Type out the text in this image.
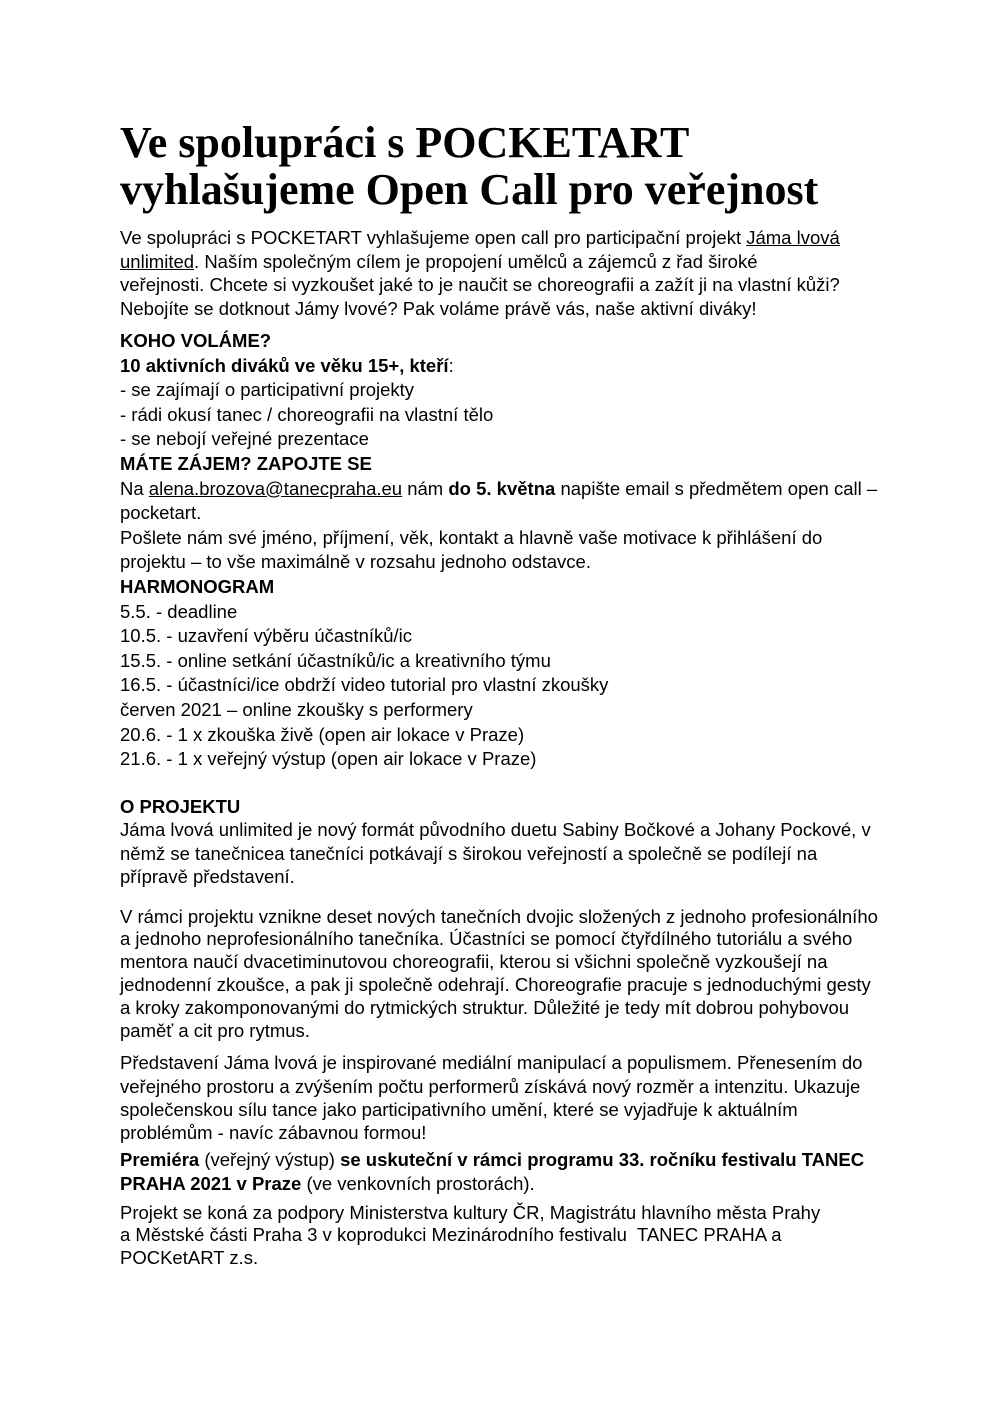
Ve spolupráci s POCKETART
vyhlašujeme Open Call pro veřejnost
Ve spolupráci s POCKETART vyhlašujeme open call pro participační projekt Jáma lvová
unlimited. Naším společným cílem je propojení umělců a zájemců z řad široké
veřejnosti. Chcete si vyzkoušet jaké to je naučit se choreografii a zažít ji na vlastní kůži?
Nebojíte se dotknout Jámy lvové? Pak voláme právě vás, naše aktivní diváky!
KOHO VOLÁME?
10 aktivních diváků ve věku 15+, kteří:
- se zajímají o participativní projekty
- rádi okusí tanec / choreografii na vlastní tělo
- se nebojí veřejné prezentace
MÁTE ZÁJEM? ZAPOJTE SE
Na alena.brozova@tanecpraha.eu nám do 5. května napište email s předmětem open call –
pocketart.
Pošlete nám své jméno, příjmení, věk, kontakt a hlavně vaše motivace k přihlášení do
projektu – to vše maximálně v rozsahu jednoho odstavce.
HARMONOGRAM
5.5. - deadline
10.5. - uzavření výběru účastníků/ic
15.5. - online setkání účastníků/ic a kreativního týmu
16.5. - účastníci/ice obdrží video tutorial pro vlastní zkoušky
červen 2021 – online zkoušky s performery
20.6. - 1 x zkouška živě (open air lokace v Praze)
21.6. - 1 x veřejný výstup (open air lokace v Praze)
O PROJEKTU
Jáma lvová unlimited je nový formát původního duetu Sabiny Bočkové a Johany Pockové, v
němž se tanečnicea tanečníci potkávají s širokou veřejností a společně se podílejí na
přípravě představení.
V rámci projektu vznikne deset nových tanečních dvojic složených z jednoho profesionálního
a jednoho neprofesionálního tanečníka. Účastníci se pomocí čtyřdílného tutoriálu a svého
mentora naučí dvacetiminutovou choreografii, kterou si všichni společně vyzkoušejí na
jednodenní zkoušce, a pak ji společně odehrají. Choreografie pracuje s jednoduchými gesty
a kroky zakomponovanými do rytmických struktur. Důležité je tedy mít dobrou pohybovou
paměť a cit pro rytmus.
Představení Jáma lvová je inspirované mediální manipulací a populismem. Přenesením do
veřejného prostoru a zvýšením počtu performerů získává nový rozměr a intenzitu. Ukazuje
společenskou sílu tance jako participativního umění, které se vyjadřuje k aktuálním
problémům - navíc zábavnou formou!
Premiéra (veřejný výstup) se uskuteční v rámci programu 33. ročníku festivalu TANEC
PRAHA 2021 v Praze (ve venkovních prostorách).
Projekt se koná za podpory Ministerstva kultury ČR, Magistrátu hlavního města Prahy
a Městské části Praha 3 v koprodukci Mezinárodního festivalu  TANEC PRAHA a
POCKetART z.s.
